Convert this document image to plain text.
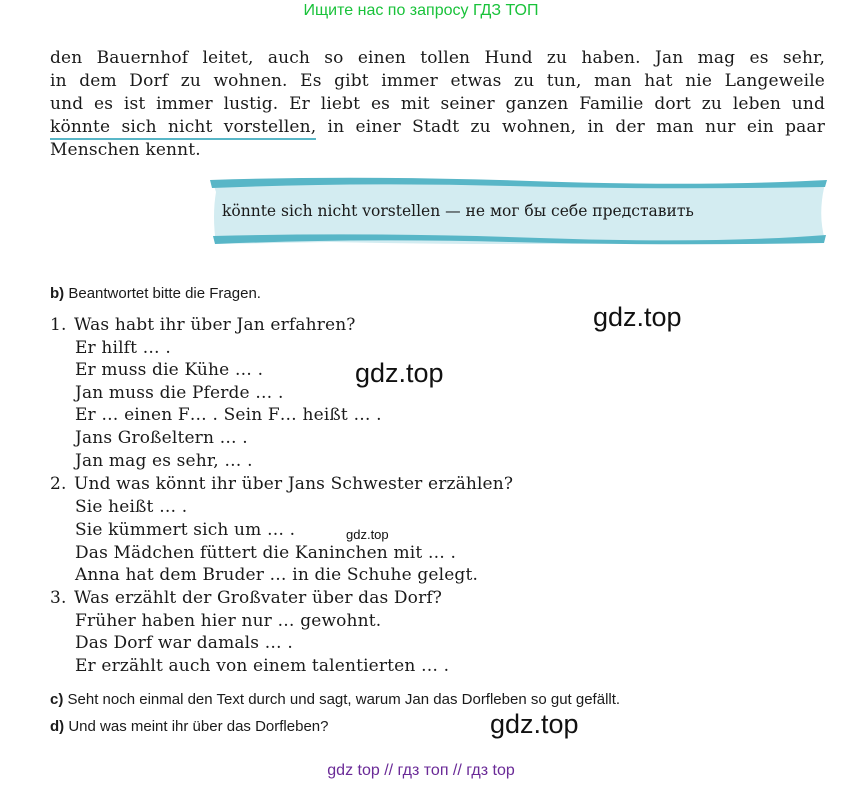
Ищите нас по запросу ГДЗ ТОП
den Bauernhof leitet, auch so einen tollen Hund zu haben. Jan mag es sehr,
in dem Dorf zu wohnen. Es gibt immer etwas zu tun, man hat nie Langeweile
und es ist immer lustig. Er liebt es mit seiner ganzen Familie dort zu leben und
könnte sich nicht vorstellen, in einer Stadt zu wohnen, in der man nur ein paar
Menschen kennt.
könnte sich nicht vorstellen — не мог бы себе представить
b) Beantwortet bitte die Fragen.
1. Was habt ihr über Jan erfahren?
Er hilft … .
Er muss die Kühe … .
Jan muss die Pferde … .
Er … einen F… . Sein F… heißt … .
Jans Großeltern … .
Jan mag es sehr, … .
2. Und was könnt ihr über Jans Schwester erzählen?
Sie heißt … .
Sie kümmert sich um … .
Das Mädchen füttert die Kaninchen mit … .
Anna hat dem Bruder … in die Schuhe gelegt.
3. Was erzählt der Großvater über das Dorf?
Früher haben hier nur … gewohnt.
Das Dorf war damals … .
Er erzählt auch von einem talentierten … .
c) Seht noch einmal den Text durch und sagt, warum Jan das Dorfleben so gut gefällt.
d) Und was meint ihr über das Dorfleben?
gdz.top
gdz.top
gdz.top
gdz.top
gdz top // гдз топ // гдз top
